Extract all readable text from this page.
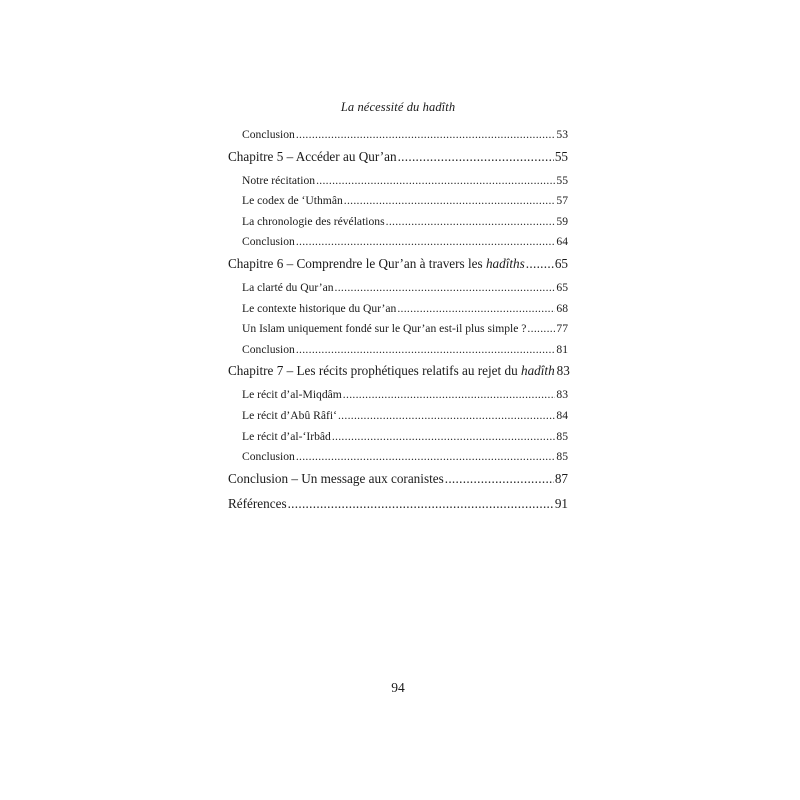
La nécessité du hadîth
Conclusion .....	53
Chapitre 5 – Accéder au Qur’an .....	55
Notre récitation .....	55
Le codex de ‘Uthmân .....	57
La chronologie des révélations .....	59
Conclusion .....	64
Chapitre 6 – Comprendre le Qur’an à travers les hadîths ..... 65
La clarté du Qur’an .....	65
Le contexte historique du Qur’an .....	68
Un Islam uniquement fondé sur le Qur’an est-il plus simple ? .....	77
Conclusion .....	81
Chapitre 7 – Les récits prophétiques relatifs au rejet du hadîth 83
Le récit d’al-Miqdâm .....	83
Le récit d’Abû Râfi‘ .....	84
Le récit d’al-‘Irbâd .....	85
Conclusion .....	85
Conclusion – Un message aux coranistes .....	87
Références .....	91
94
